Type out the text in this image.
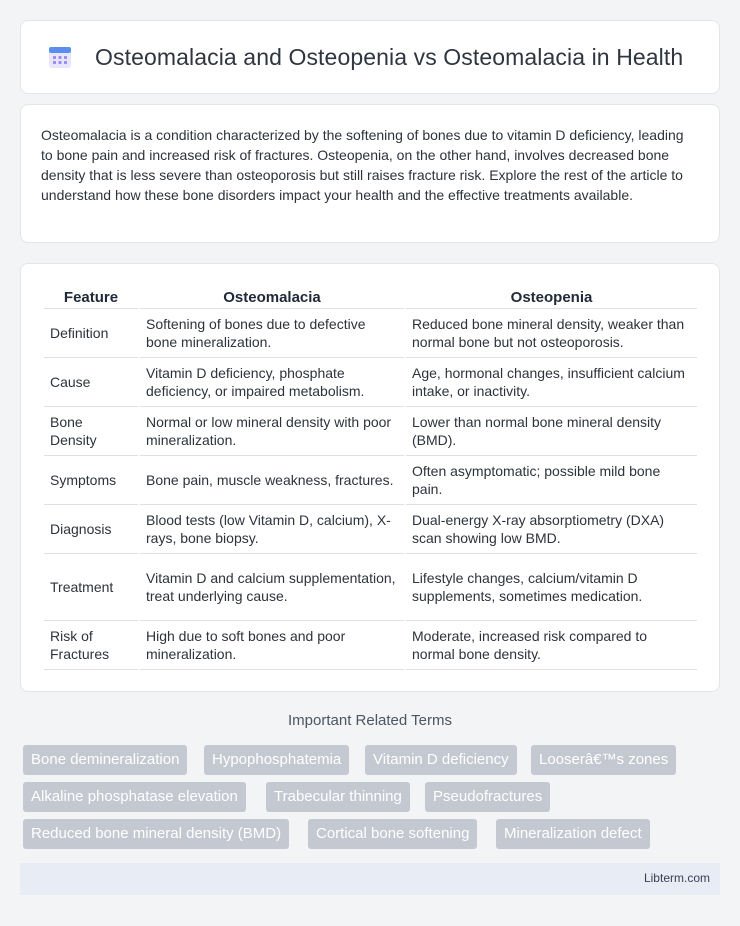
Osteomalacia and Osteopenia vs Osteomalacia in Health

Osteomalacia is a condition characterized by the softening of bones due to vitamin D deficiency, leading to bone pain and increased risk of fractures. Osteopenia, on the other hand, involves decreased bone density that is less severe than osteoporosis but still raises fracture risk. Explore the rest of the article to understand how these bone disorders impact your health and the effective treatments available.

Feature	Osteomalacia	Osteopenia
Definition	Softening of bones due to defective bone mineralization.	Reduced bone mineral density, weaker than normal bone but not osteoporosis.
Cause	Vitamin D deficiency, phosphate deficiency, or impaired metabolism.	Age, hormonal changes, insufficient calcium intake, or inactivity.
Bone Density	Normal or low mineral density with poor mineralization.	Lower than normal bone mineral density (BMD).
Symptoms	Bone pain, muscle weakness, fractures.	Often asymptomatic; possible mild bone pain.
Diagnosis	Blood tests (low Vitamin D, calcium), X-rays, bone biopsy.	Dual-energy X-ray absorptiometry (DXA) scan showing low BMD.
Treatment	Vitamin D and calcium supplementation, treat underlying cause.	Lifestyle changes, calcium/vitamin D supplements, sometimes medication.
Risk of Fractures	High due to soft bones and poor mineralization.	Moderate, increased risk compared to normal bone density.
Important Related Terms
Bone demineralization	Hypophosphatemia	Vitamin D deficiency	Looserâ€™s zones
Alkaline phosphatase elevation	Trabecular thinning	Pseudofractures
Reduced bone mineral density (BMD)	Cortical bone softening	Mineralization defect
Libterm.com
